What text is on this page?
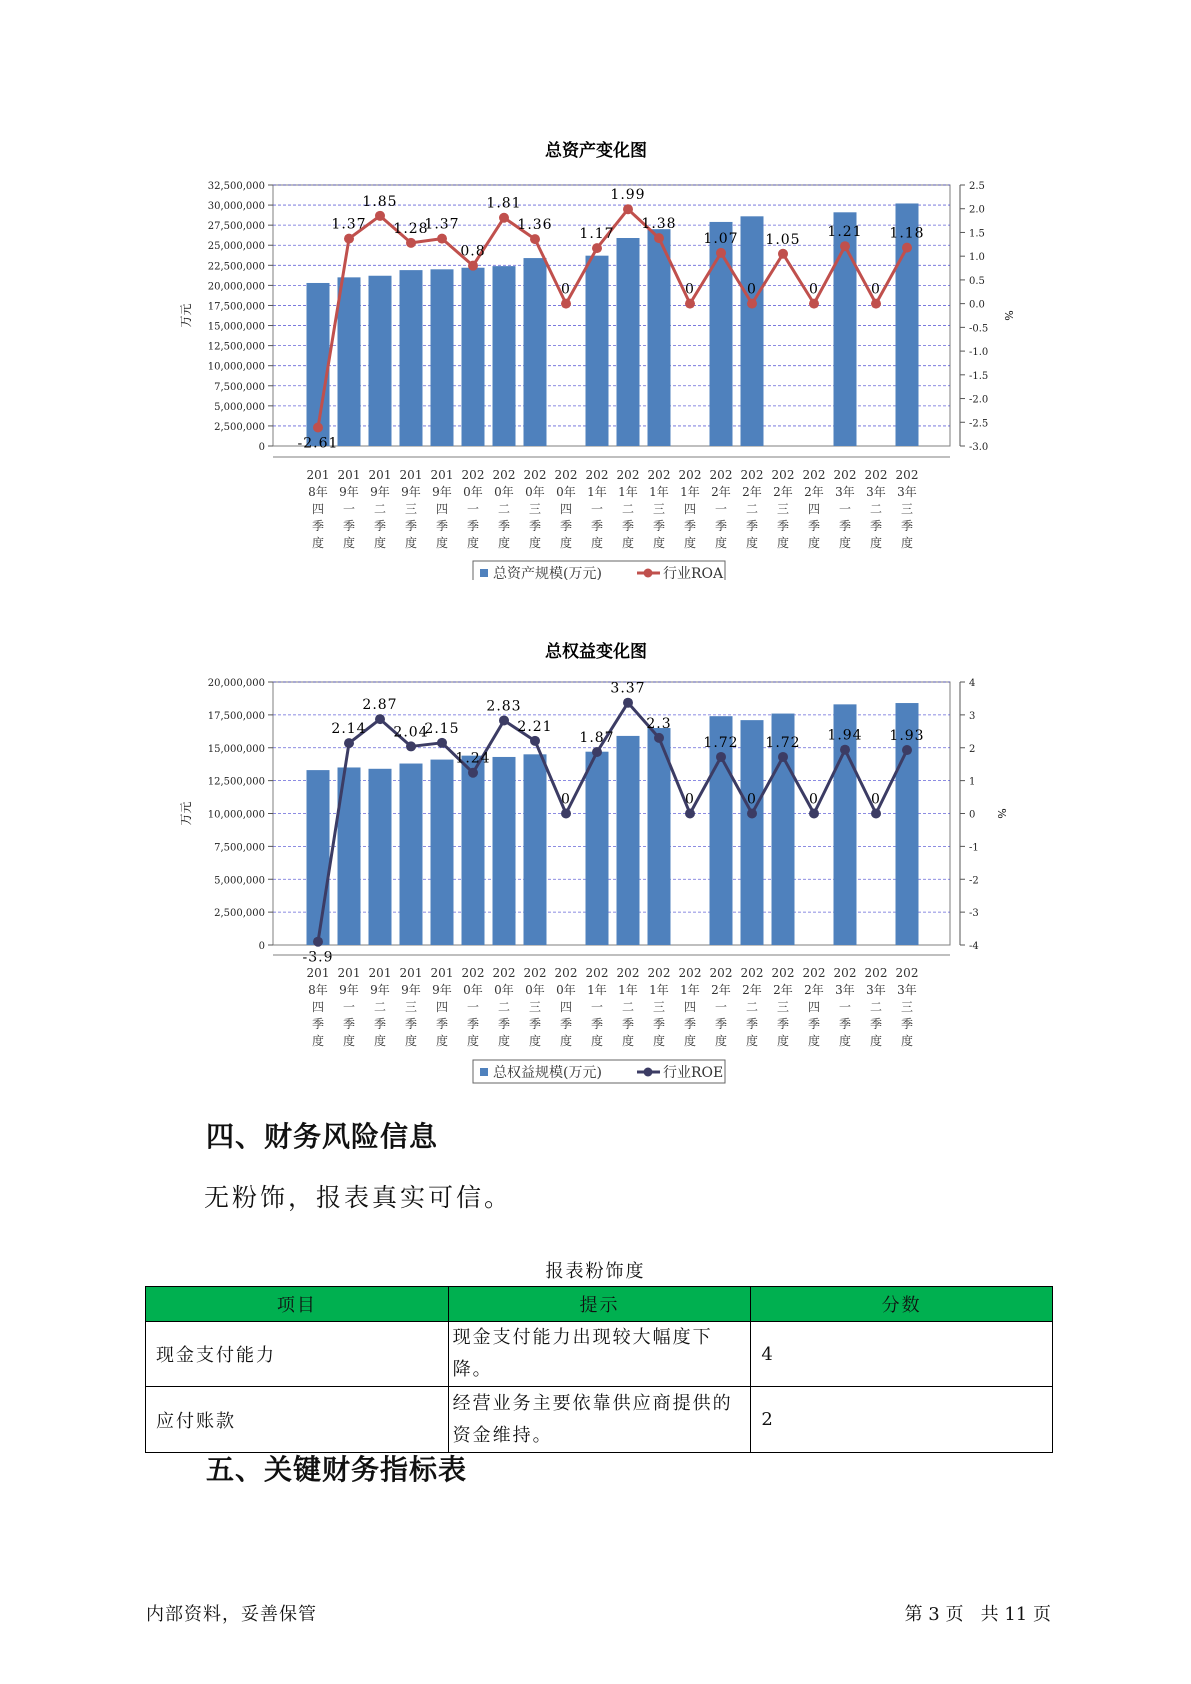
总资产变化图
0
2,500,000
5,000,000
7,500,000
10,000,000
12,500,000
15,000,000
17,500,000
20,000,000
22,500,000
25,000,000
27,500,000
30,000,000
32,500,000
万元
-3.0
-2.5
-2.0
-1.5
-1.0
-0.5
0.0
0.5
1.0
1.5
2.0
2.5
%
-2.61
1.37
1.85
1.28
1.37
0.8
1.81
1.36
0
1.17
1.99
1.38
0
1.07
0
1.05
0
1.21
0
1.18
201 8年四季度
201 9年一季度
201 9年二季度
201 9年三季度
201 9年四季度
202 0年一季度
202 0年二季度
202 0年三季度
202 0年四季度
202 1年一季度
202 1年二季度
202 1年三季度
202 1年四季度
202 2年一季度
202 2年二季度
202 2年三季度
202 2年四季度
202 3年一季度
202 3年二季度
202 3年三季度
总资产规模(万元)	行业ROA
总权益变化图
0
2,500,000
5,000,000
7,500,000
10,000,000
12,500,000
15,000,000
17,500,000
20,000,000
万元
-4
-3
-2
-1
0
1
2
3
4
%
-3.9
2.14
2.87
2.04
2.15
1.24
2.83
2.21
0
1.87
3.37
2.3
0
1.72
0
1.72
0
1.94
0
1.93
201 8年四季度
201 9年一季度
201 9年二季度
201 9年三季度
201 9年四季度
202 0年一季度
202 0年二季度
202 0年三季度
202 0年四季度
202 1年一季度
202 1年二季度
202 1年三季度
202 1年四季度
202 2年一季度
202 2年二季度
202 2年三季度
202 2年四季度
202 3年一季度
202 3年二季度
202 3年三季度
总权益规模(万元)	行业ROE
四、财务风险信息
无粉饰，报表真实可信。
报表粉饰度
项目	提示	分数
现金支付能力	现金支付能力出现较大幅度下降。	4
应付账款	经营业务主要依靠供应商提供的资金维持。	2
五、关键财务指标表
内部资料，妥善保管	第 3 页   共 11 页
